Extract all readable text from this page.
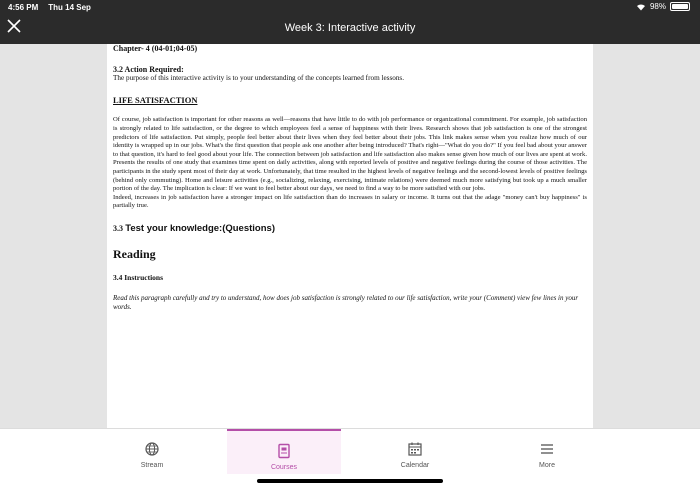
4:56 PM Thu 14 Sep	98%
Week 3: Interactive activity
Chapter- 4 (04-01;04-05)
3.2 Action Required:
The purpose of this interactive activity is to your understanding of the concepts learned from lessons.
LIFE SATISFACTION
Of course, job satisfaction is important for other reasons as well—reasons that have little to do with job performance or organizational commitment. For example, job satisfaction is strongly related to life satisfaction, or the degree to which employees feel a sense of happiness with their lives. Research shows that job satisfaction is one of the strongest predictors of life satisfaction. Put simply, people feel better about their lives when they feel better about their jobs. This link makes sense when you realize how much of our identity is wrapped up in our jobs. What's the first question that people ask one another after being introduced? That's right—"What do you do?" If you feel bad about your answer to that question, it's hard to feel good about your life. The connection between job satisfaction and life satisfaction also makes sense given how much of our lives are spent at work. Presents the results of one study that examines time spent on daily activities, along with reported levels of positive and negative feelings during the course of those activities. The participants in the study spent most of their day at work. Unfortunately, that time resulted in the highest levels of negative feelings and the second-lowest levels of positive feelings (behind only commuting). Home and leisure activities (e.g., socializing, relaxing, exercising, intimate relations) were deemed much more satisfying but took up a much smaller portion of the day. The implication is clear: If we want to feel better about our days, we need to find a way to be more satisfied with our jobs.
Indeed, increases in job satisfaction have a stronger impact on life satisfaction than do increases in salary or income. It turns out that the adage "money can't buy happiness" is partially true.
3.3 Test your knowledge:(Questions)
Reading
3.4 Instructions
Read this paragraph carefully and try to understand, how does job satisfaction is strongly related to our life satisfaction, write your (Comment) view few lines in your words.
Stream	Courses	Calendar	More
